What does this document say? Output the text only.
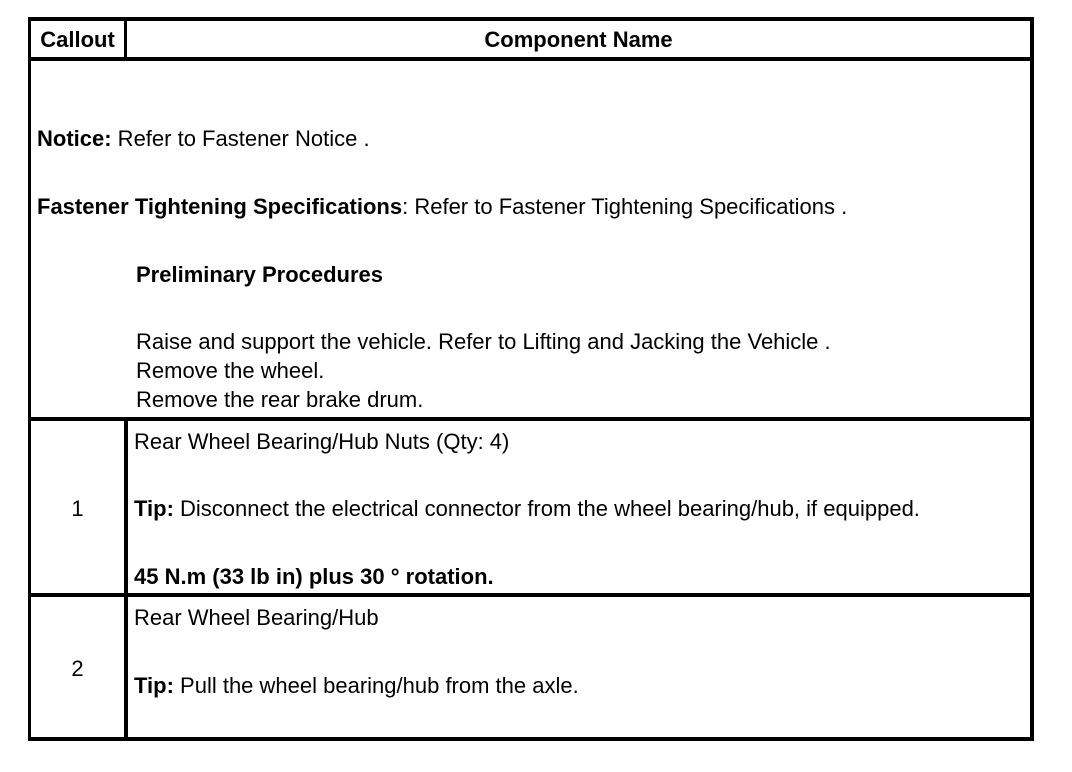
Callout	Component Name
Notice: Refer to Fastener Notice .
Fastener Tightening Specifications: Refer to Fastener Tightening Specifications .
Preliminary Procedures
Raise and support the vehicle. Refer to Lifting and Jacking the Vehicle .
Remove the wheel.
Remove the rear brake drum.
1
Rear Wheel Bearing/Hub Nuts (Qty: 4)
Tip: Disconnect the electrical connector from the wheel bearing/hub, if equipped.
45 N.m (33 lb in) plus 30 ° rotation.
2
Rear Wheel Bearing/Hub
Tip: Pull the wheel bearing/hub from the axle.
